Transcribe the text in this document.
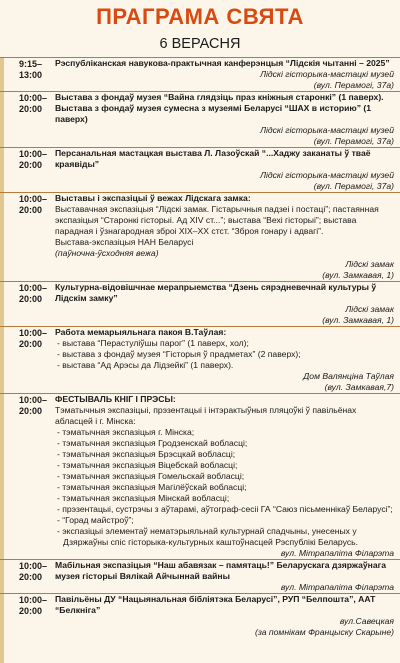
ПРАГРАМА СВЯТА
6 ВЕРАСНЯ
9:15–
13:00
Рэспубліканская навукова-практычная канферэнцыя “Лідскія чытанні – 2025”
Лідскі гісторыка-мастацкі музей
(вул. Перамогі, 37а)
10:00–
20:00
Выстава з фондаў музея “Вайна глядзіць праз кніжныя старонкі” (1 паверх).
Выстава з фондаў музея сумесна з музеямі Беларусі “ШАХ в историю” (1 паверх)
Лідскі гісторыка-мастацкі музей
(вул. Перамогі, 37а)
10:00–
20:00
Персанальная мастацкая выстава Л. Лазоўскай “...Хаджу заканаты ў тваё краявіды”
Лідскі гісторыка-мастацкі музей
(вул. Перамогі, 37а)
10:00–
20:00
Выставы і экспазіцыі ў вежах Лідскага замка:
Выставачная экспазіцыя “Лідскі замак. Гістарычныя падзеі і постаці”; пастаянная экспазіцыя “Старонкі гісторыі. Ад XIV ст...”; выстава “Вехі гісторыі”; выстава парадная і ўзнагародная зброі XIX–XX стст. “Зброя гонару і адвагі”.
Выстава-экспазіцыя НАН Беларусі
(паўночна-ўсходняя вежа)
Лідскі замак
(вул. Замкавая, 1)
10:00–
20:00
Культурна-відовішчнае мерапрыемства “Дзень сярэдневечнай культуры ў Лідскім замку”
Лідскі замак
(вул. Замкавая, 1)
10:00–
20:00
Работа мемарыяльнага пакоя В.Таўлая:
- выстава “Перастуліўшы парог” (1 паверх, хол);
- выстава з фондаў музея “Гісторыя ў прадметах” (2 паверх);
- выстава “Ад Арэсы да Лідзейкі” (1 паверх).
Дом Валянціна Таўлая
(вул. Замкавая,7)
10:00–
20:00
ФЕСТЫВАЛЬ КНІГ І ПРЭСЫ:
Тэматычныя экспазіцыі, прэзентацыі і інтэрактыўныя пляцоўкі ў павільёнах абласцей і г. Мінска:
- тэматычная экспазіцыя г. Мінска;
- тэматычная экспазіцыя Гродзенскай вобласці;
- тэматычная экспазіцыя Брэсцкай вобласці;
- тэматычная экспазіцыя Віцебскай вобласці;
- тэматычная экспазіцыя Гомельскай вобласці;
- тэматычная экспазіцыя Магілёўскай вобласці;
- тэматычная экспазіцыя Мінскай вобласці;
- прэзентацыі, сустрэчы з аўтарамі, аўтограф-сесіі ГА “Саюз пісьменнікаў Беларусі”;
- “Горад майстроў”;
- экспазіцыі элементаў нематэрыяльнай культурнай спадчыны, унесеных у Дзяржаўны спіс гісторыка-культурных каштоўнасцей Рэспублікі Беларусь.
вул. Мітрапаліта Філарэта
10:00–
20:00
Мабільная экспазіцыя “Наш абавязак – памятаць!” Беларускага дзяржаўнага музея гісторыі Вялікай Айчыннай вайны
вул. Мітрапаліта Філарэта
10:00–
20:00
Павільёны ДУ “Нацыянальная бібліятэка Беларусі”, РУП “Белпошта”, ААТ “Белкніга”
вул.Савецкая
(за помнікам Францыску Скарыне)
